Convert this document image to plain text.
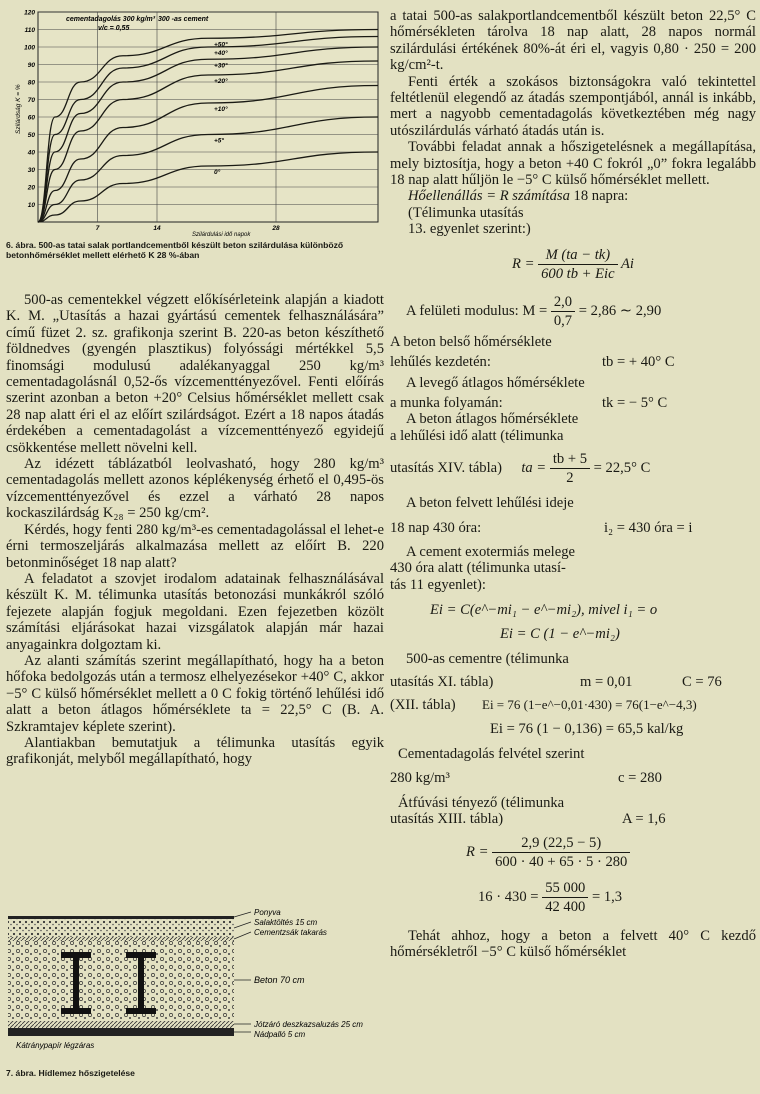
+50°
+40°
+30°
+20°
+10°
+5°
0°
120
110
100
90
80
70
60
50
40
30
20
10
7	14	28
cementadagolás 300 kg/m³
v/c = 0,55
300 -as cement
Szilárdság K = %
Szilárdulási idő napok

6. ábra. 500-as tatai salak portlandcementből készült beton szilárdulása különböző betonhőmérséklet mellett elérhető K 28 %-ában

500-as cementekkel végzett előkísérleteink alapján a kiadott K. M. „Utasítás a hazai gyártású cementek felhasználására” című füzet 2. sz. grafikonja szerint B. 220-as beton készíthető földnedves (gyengén plasztikus) folyóssági mértékkel 5,5 finomsági modulusú adalékanyaggal 250 kg/m³ cementadagolásnál 0,52-ős vízcementtényezővel. Fenti előírás szerint azonban a beton +20° Celsius hőmérséklet mellett csak 28 nap alatt éri el az előírt szilárdságot. Ezért a 18 napos átadás érdekében a cementadagolást a vízcementtényező egyidejű csökkentése mellett növelni kell.

Az idézett táblázatból leolvasható, hogy 280 kg/m³ cementadagolás mellett azonos képlékenység érhető el 0,495-ös vízcementtényezővel és ezzel a várható 28 napos kockaszilárdság K₂₈ = 250 kg/cm².

Kérdés, hogy fenti 280 kg/m³-es cementadagolással el lehet-e érni termoszeljárás alkalmazása mellett az előírt B. 220 betonminőséget 18 nap alatt?

A feladatot a szovjet irodalom adatainak felhasználásával készült K. M. télimunka utasítás betonozási munkákról szóló fejezete alapján fogjuk megoldani. Ezen fejezetben közölt számítási eljárásokat hazai vizsgálatok alapján már hazai anyagainkra dolgoztam ki.

Az alanti számítás szerint megállapítható, hogy ha a beton hőfoka bedolgozás után a termosz elhelyezésekor +40° C, akkor −5° C külső hőmérséklet mellett a 0 C fokig történő lehűlési idő alatt a beton átlagos hőmérséklete ta = 22,5° C (B. A. Szkramtajev képlete szerint).

Alantiakban bemutatjuk a télimunka utasítás egyik grafikonját, melyből megállapítható, hogy

Ponyva
Salaktöltés 15 cm
Cementzsák takarás
Beton 70 cm
Jótzáró deszkazsaluzás 25 cm
Nádpalló 5 cm
Kátránypapír légzáras

7. ábra. Hídlemez hőszigetelése

a tatai 500-as salakportlandcementből készült beton 22,5° C hőmérsékleten tárolva 18 nap alatt, 28 napos normál szilárdulási értékének 80%-át éri el, vagyis 0,80 · 250 = 200 kg/cm²-t.

Fenti érték a szokásos biztonságokra való tekintettel feltétlenül elegendő az átadás szempontjából, annál is inkább, mert a nagyobb cementadagolás következtében még nagy utószilárdulás várható átadás után is.

További feladat annak a hőszigetelésnek a megállapítása, mely biztosítja, hogy a beton +40 C fokról „0” fokra legalább 18 nap alatt hűljön le −5° C külső hőmérséklet mellett.

Hőellenállás = R számítása 18 napra:

(Télimunka utasítás

13. egyenlet szerint:)

$R = \frac{M (ta - tk)}{\text{600 tb + Eic}}$ Ai
A felületi modulus: $M = \frac{2,0}{0,7} = 2,86$ ∼ 2,90
A beton belső hőmérséklete
lehűlés kezdetén:	tb = + 40° C
A levegő átlagos hőmérséklete
a munka folyamán:	tk = − 5° C
A beton átlagos hőmérséklete
a lehűlési idő alatt (télimunka
utasítás XIV. tábla) ta = $\frac{tb + 5}{2} = 22,5^\circ$ C
A beton felvett lehűlési ideje
18 nap 430 óra:	i₂ = 430 óra = i
A cement exotermiás melege
430 óra alatt (télimunka utasí-
tás 11 egyenlet):
Ei = C(e^−mi₁ − e^−mi₂), mivel i₁ = o
Ei = C (1 − e^−mi₂)
500-as cementre (télimunka
utasítás XI. tábla)	m = 0,01	C = 76
(XII. tábla) Ei = 76 (1−e^−0,01·430) = 76(1−e^−4,3)
Ei = 76 (1 − 0,136) = 65,5 kal/kg
Cementadagolás felvétel szerint
280 kg/m³	c = 280
Átfúvási tényező (télimunka
utasítás XIII. tábla)	A = 1,6
$R = \frac{2,9 (22,5 - 5)}{600 \cdot 40 + 65 \cdot 5 \cdot 280}$
$16 \cdot 430 = \frac{55 000}{42 400} = 1,3$

Tehát ahhoz, hogy a beton a felvett 40° C kezdő hőmérsékletről −5° C külső hőmérséklet
